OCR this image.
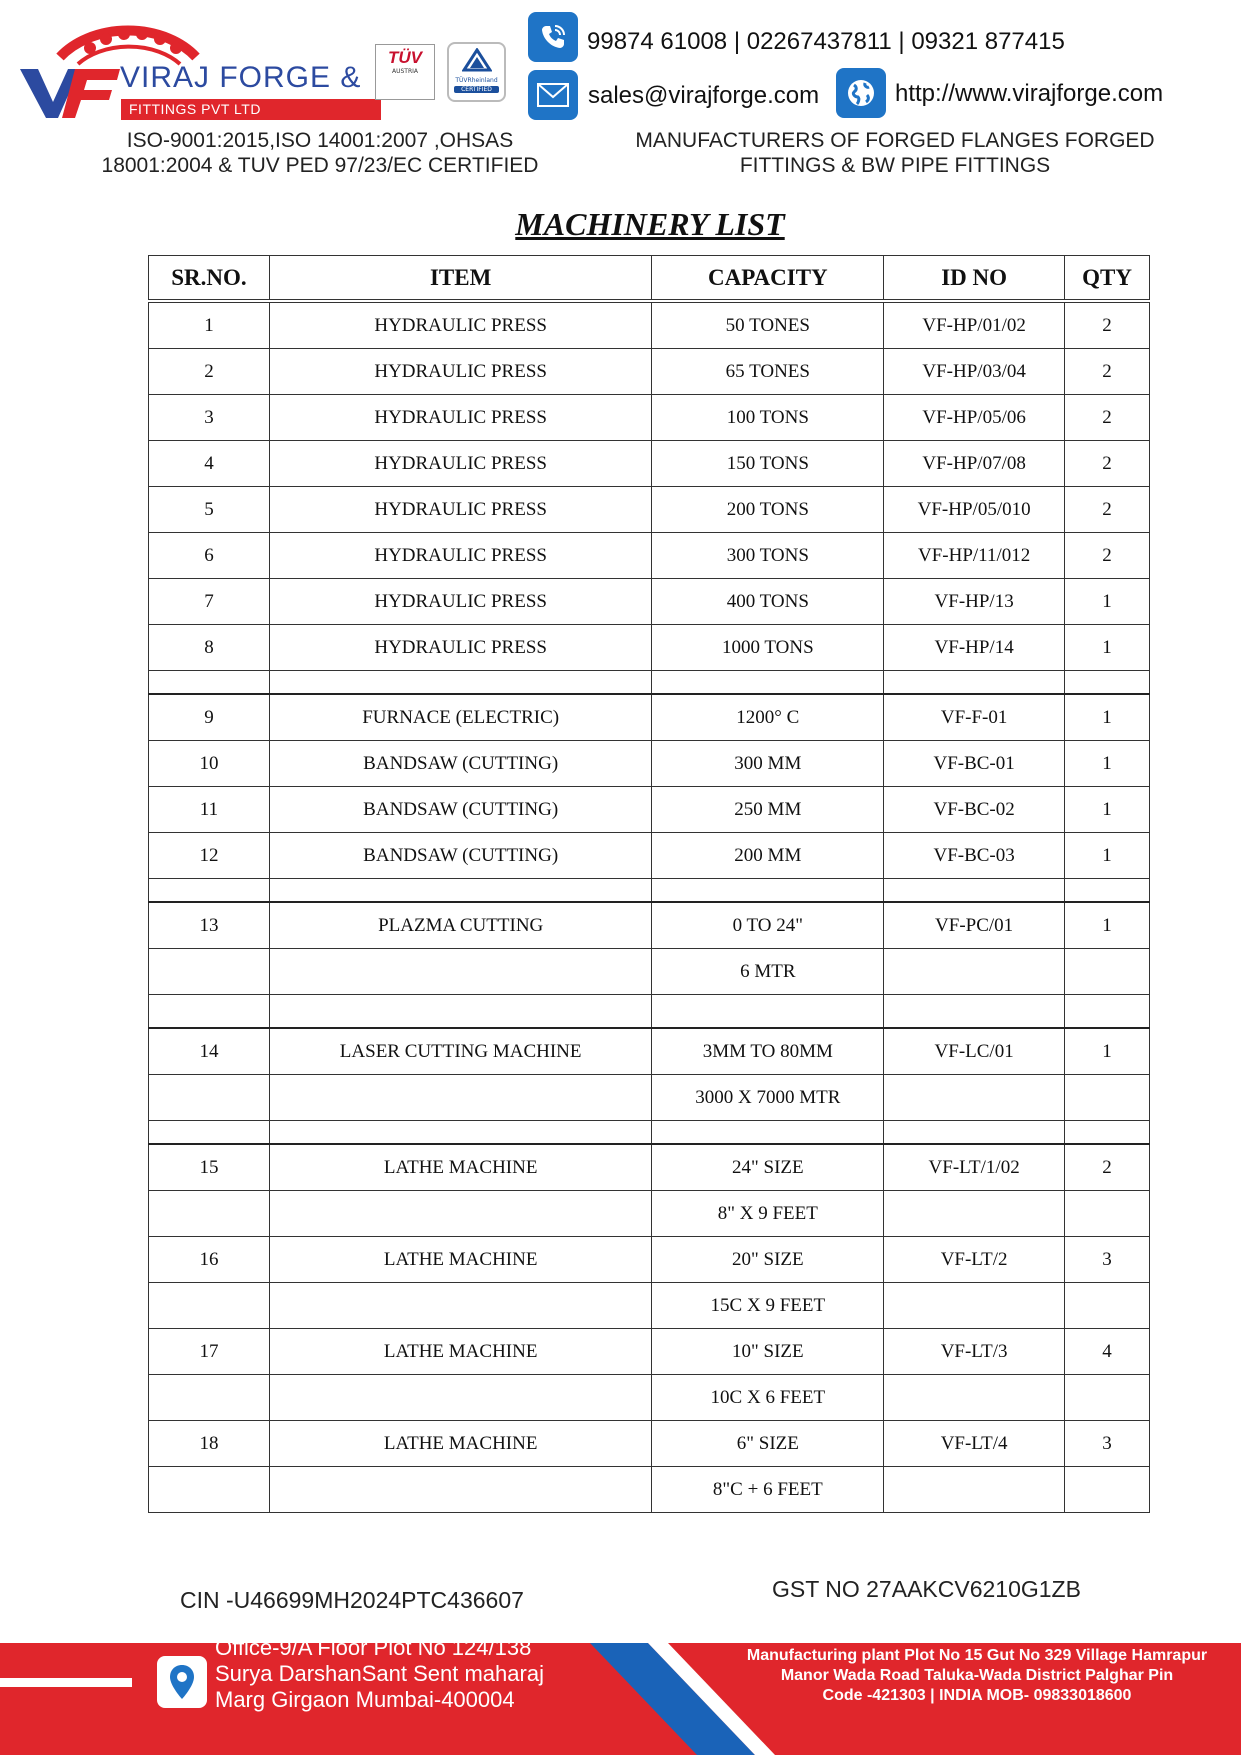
VIRAJ FORGE &
FITTINGS PVT LTD
TÜV
AUSTRIA
TÜVRheinland
CERTIFIED
99874 61008 | 02267437811 | 09321 877415
sales@virajforge.com	http://www.virajforge.com
ISO-9001:2015,ISO 14001:2007 ,OHSAS
18001:2004 & TUV PED 97/23/EC CERTIFIED
MANUFACTURERS OF FORGED FLANGES FORGED
FITTINGS & BW PIPE FITTINGS
MACHINERY LIST
SR.NO.	ITEM	CAPACITY	ID NO	QTY
1	HYDRAULIC PRESS	50 TONES	VF-HP/01/02	2
2	HYDRAULIC PRESS	65 TONES	VF-HP/03/04	2
3	HYDRAULIC PRESS	100 TONS	VF-HP/05/06	2
4	HYDRAULIC PRESS	150 TONS	VF-HP/07/08	2
5	HYDRAULIC PRESS	200 TONS	VF-HP/05/010	2
6	HYDRAULIC PRESS	300 TONS	VF-HP/11/012	2
7	HYDRAULIC PRESS	400 TONS	VF-HP/13	1
8	HYDRAULIC PRESS	1000 TONS	VF-HP/14	1

9	FURNACE (ELECTRIC)	1200° C	VF-F-01	1
10	BANDSAW (CUTTING)	300 MM	VF-BC-01	1
11	BANDSAW (CUTTING)	250 MM	VF-BC-02	1
12	BANDSAW (CUTTING)	200 MM	VF-BC-03	1

13	PLAZMA CUTTING	0 TO 24"	VF-PC/01	1
		6 MTR		

14	LASER CUTTING MACHINE	3MM TO 80MM	VF-LC/01	1
		3000 X 7000 MTR		

15	LATHE MACHINE	24" SIZE	VF-LT/1/02	2
		8" X 9 FEET		
16	LATHE MACHINE	20" SIZE	VF-LT/2	3
		15C X 9 FEET		
17	LATHE MACHINE	10" SIZE	VF-LT/3	4
		10C X 6 FEET		
18	LATHE MACHINE	6" SIZE	VF-LT/4	3
		8"C + 6 FEET		
CIN -U46699MH2024PTC436607	GST NO 27AAKCV6210G1ZB
Office-9/A Floor Plot No 124/138
Surya DarshanSant Sent maharaj
Marg Girgaon Mumbai-400004
Manufacturing plant Plot No 15 Gut No 329 Village Hamrapur
Manor Wada Road Taluka-Wada District Palghar Pin
Code -421303 | INDIA MOB- 09833018600
